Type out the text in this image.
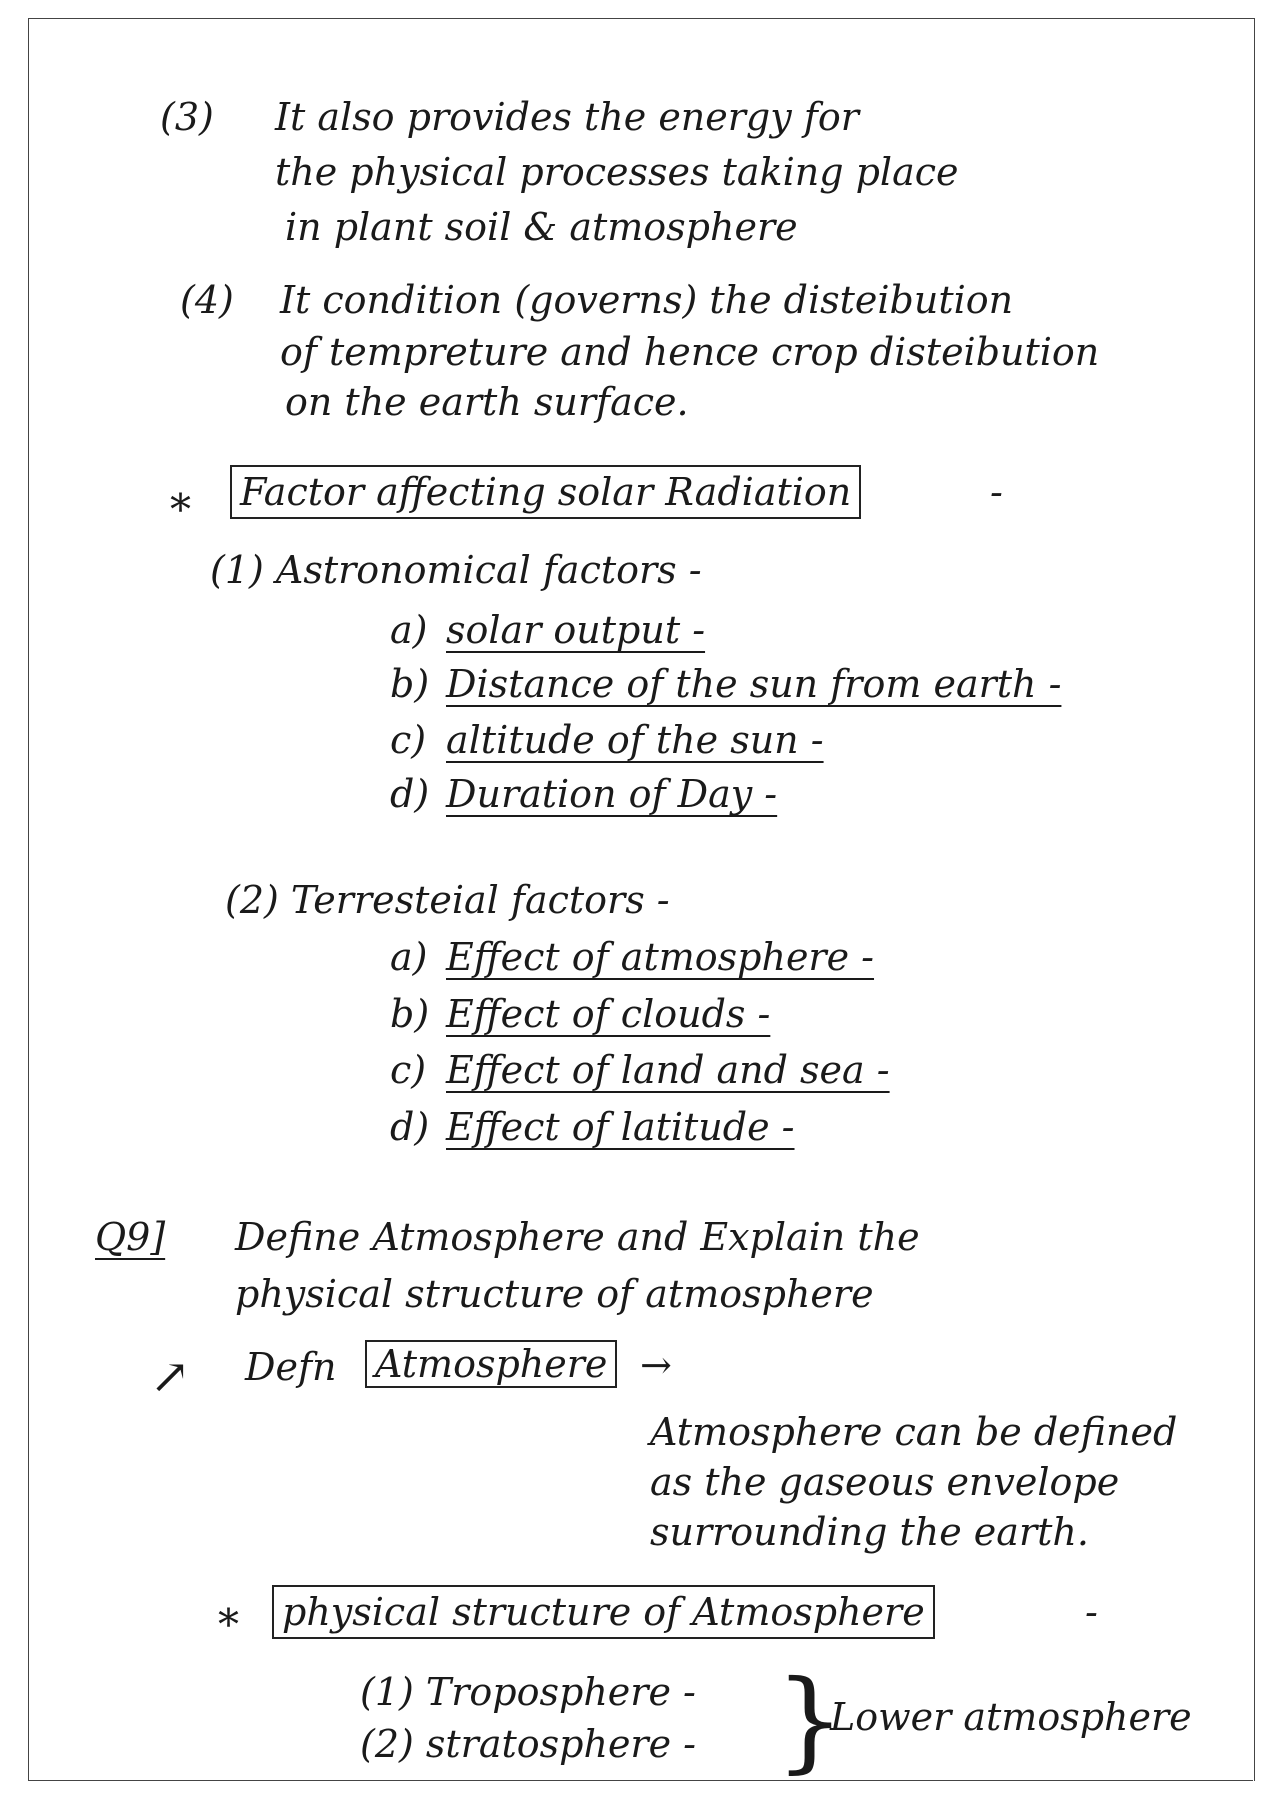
(3) It also provides the energy for
the physical processes taking place
in plant soil & atmosphere
(4) It condition (governs) the disteibution
of tempreture and hence crop disteibution
on the earth surface.
* Factor affecting solar Radiation	-
(1) Astronomical factors -
a) solar output -
b) Distance of the sun from earth -
c) altitude of the sun -
d) Duration of Day -
(2) Terresteial factors -
a) Effect of atmosphere -
b) Effect of clouds -
c) Effect of land and sea -
d) Effect of latitude -
Q9] Define Atmosphere and Explain the
physical structure of atmosphere
↗ Defn Atmosphere →
Atmosphere can be defined
as the gaseous envelope
surrounding the earth.
* physical structure of Atmosphere	-
(1) Troposphere -
(2) stratosphere - }
Lower atmosphere
